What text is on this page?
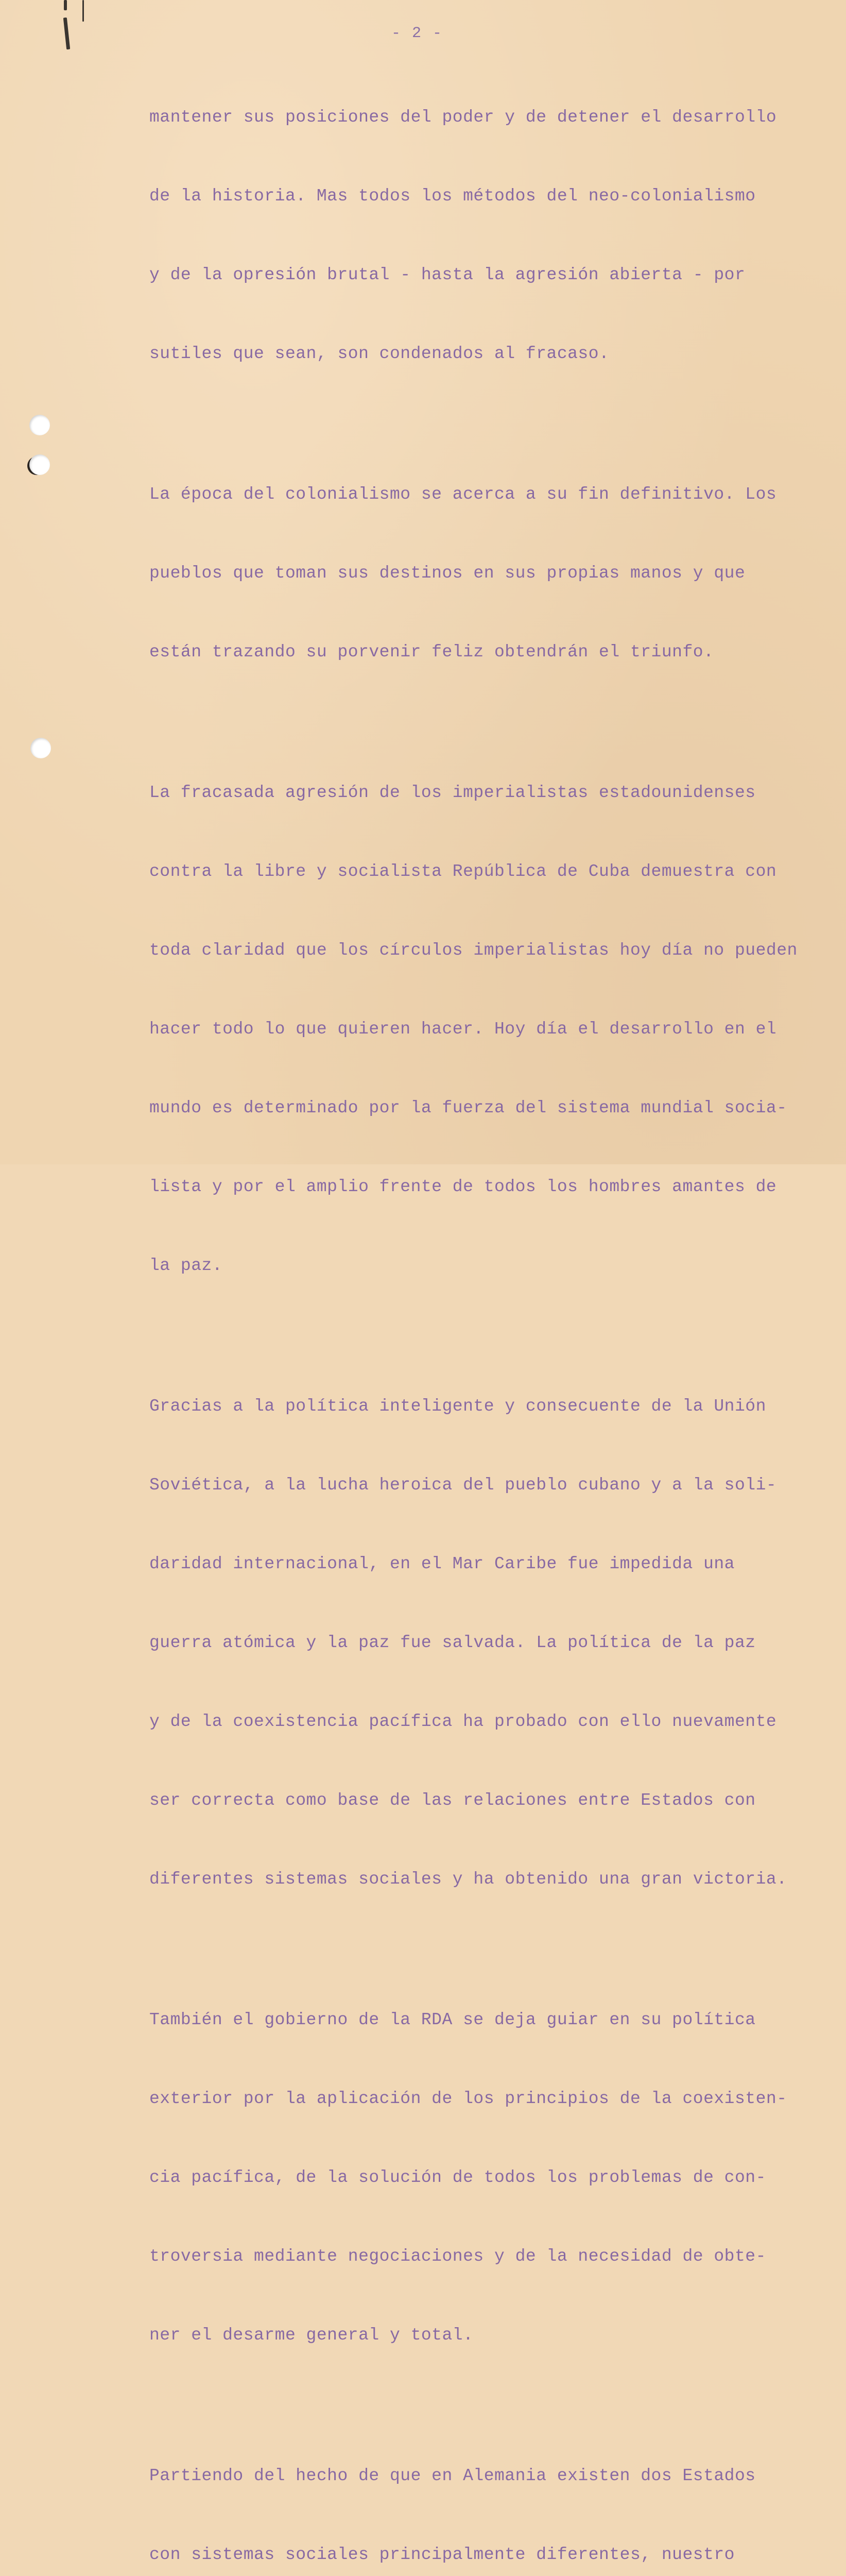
- 2 -

mantener sus posiciones del poder y de detener el desarrollo

de la historia. Mas todos los métodos del neo-colonialismo

y de la opresión brutal - hasta la agresión abierta - por

sutiles que sean, son condenados al fracaso.

La época del colonialismo se acerca a su fin definitivo. Los

pueblos que toman sus destinos en sus propias manos y que

están trazando su porvenir feliz obtendrán el triunfo.

La fracasada agresión de los imperialistas estadounidenses

contra la libre y socialista República de Cuba demuestra con

toda claridad que los círculos imperialistas hoy día no pueden

hacer todo lo que quieren hacer. Hoy día el desarrollo en el

mundo es determinado por la fuerza del sistema mundial socia-

lista y por el amplio frente de todos los hombres amantes de

la paz.

Gracias a la política inteligente y consecuente de la Unión

Soviética, a la lucha heroica del pueblo cubano y a la soli-

daridad internacional, en el Mar Caribe fue impedida una

guerra atómica y la paz fue salvada. La política de la paz

y de la coexistencia pacífica ha probado con ello nuevamente

ser correcta como base de las relaciones entre Estados con

diferentes sistemas sociales y ha obtenido una gran victoria.

También el gobierno de la RDA se deja guiar en su política

exterior por la aplicación de los principios de la coexisten-

cia pacífica, de la solución de todos los problemas de con-

troversia mediante negociaciones y de la necesidad de obte-

ner el desarme general y total.

Partiendo del hecho de que en Alemania existen dos Estados

con sistemas sociales principalmente diferentes, nuestro
